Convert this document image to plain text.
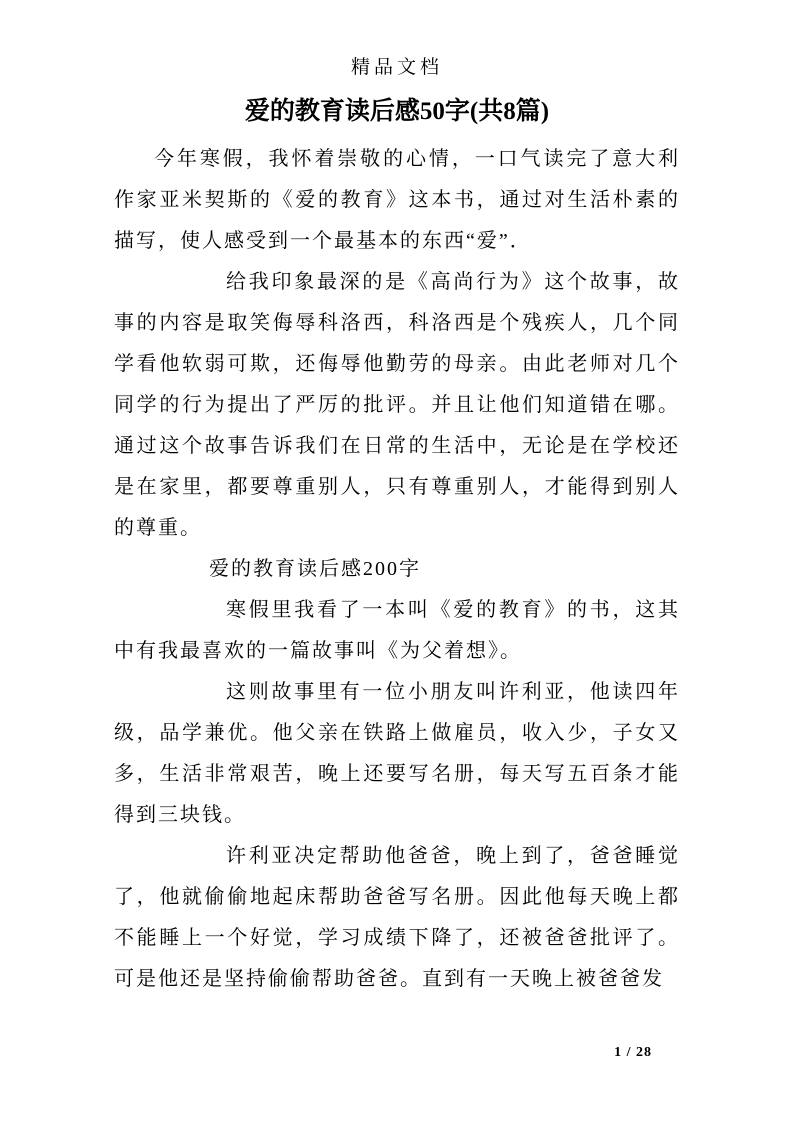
精品文档

爱的教育读后感50字(共8篇)

今年寒假，我怀着崇敬的心情，一口气读完了意大利作家亚米契斯的《爱的教育》这本书，通过对生活朴素的描写，使人感受到一个最基本的东西“爱”．

给我印象最深的是《高尚行为》这个故事，故事的内容是取笑侮辱科洛西，科洛西是个残疾人，几个同学看他软弱可欺，还侮辱他勤劳的母亲。由此老师对几个同学的行为提出了严厉的批评。并且让他们知道错在哪。通过这个故事告诉我们在日常的生活中，无论是在学校还是在家里，都要尊重别人，只有尊重别人，才能得到别人的尊重。

爱的教育读后感200字

寒假里我看了一本叫《爱的教育》的书，这其中有我最喜欢的一篇故事叫《为父着想》。

这则故事里有一位小朋友叫许利亚，他读四年级，品学兼优。他父亲在铁路上做雇员，收入少，子女又多，生活非常艰苦，晚上还要写名册，每天写五百条才能得到三块钱。

许利亚决定帮助他爸爸，晚上到了，爸爸睡觉了，他就偷偷地起床帮助爸爸写名册。因此他每天晚上都不能睡上一个好觉，学习成绩下降了，还被爸爸批评了。可是他还是坚持偷偷帮助爸爸。直到有一天晚上被爸爸发

1 / 28
